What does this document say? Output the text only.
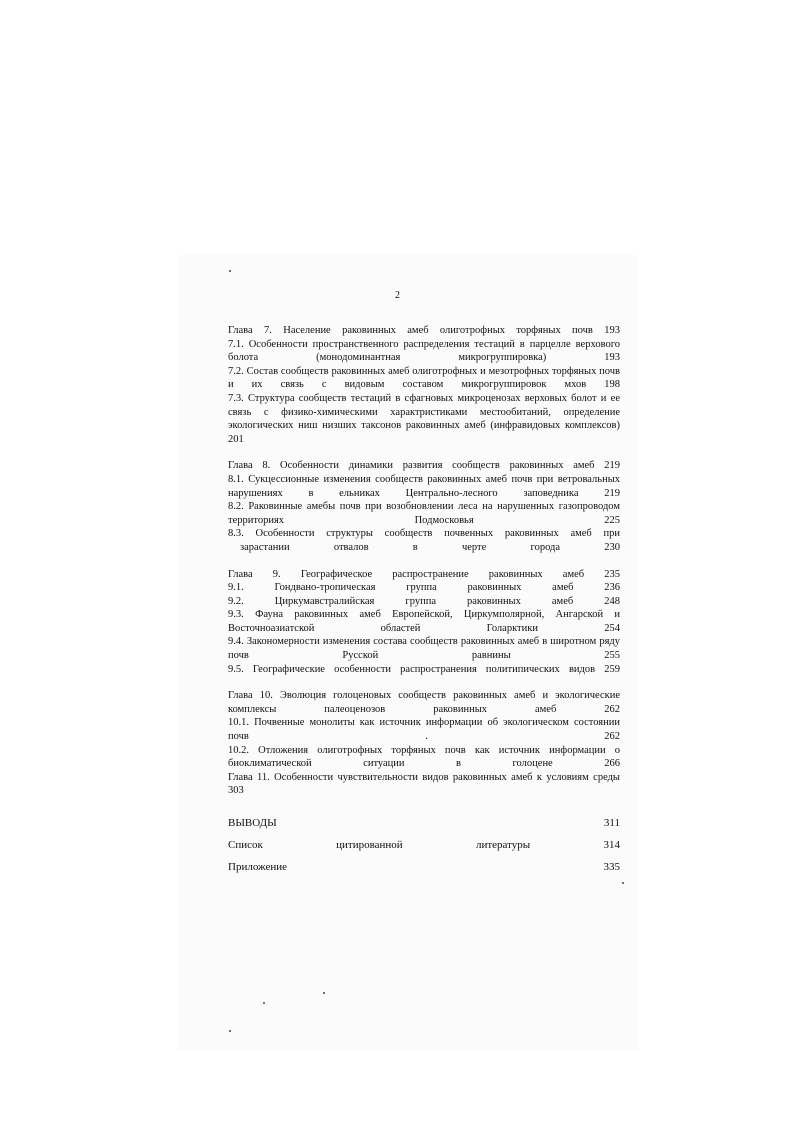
2
Глава 7. Население раковинных амеб олиготрофных торфяных почв 193
7.1. Особенности пространственного распределения тестаций в парцелле верхового болота (монодоминантная микрогруппировка) 193
7.2. Состав сообществ раковинных амеб олиготрофных и мезотрофных торфяных почв и их связь с видовым составом микрогруппировок мхов 198
7.3. Структура сообществ тестаций в сфагновых микроценозах верховых болот и ее связь с физико-химическими характристиками местообитаний, определение экологических ниш низших таксонов раковинных амеб (инфравидовых комплексов) 201
Глава 8. Особенности динамики развития сообществ раковинных амеб 219
8.1. Сукцессионные изменения сообществ раковинных амеб почв при ветровальных нарушениях в ельниках Центрально-лесного заповедника 219
8.2. Раковинные амебы почв при возобновлении леса на нарушенных газопроводом территориях Подмосковья 225
8.3. Особенности структуры сообществ почвенных раковинных амеб при
зарастании отвалов в черте города 230
Глава 9. Географическое распространение раковинных амеб 235
9.1. Гондвано-тропическая группа раковинных амеб 236
9.2. Циркумавстралийская группа раковинных амеб 248
9.3. Фауна раковинных амеб Европейской, Циркумполярной, Ангарской и Восточноазиатской областей Голарктики 254
9.4. Закономерности изменения состава сообществ раковинных амеб в широтном ряду почв Русской равнины 255
9.5. Географические особенности распространения политипических видов 259
Глава 10. Эволюция голоценовых сообществ раковинных амеб и экологические комплексы палеоценозов раковинных амеб 262
10.1. Почвенные монолиты как источник информации об экологическом состоянии почв . 262
10.2. Отложения олиготрофных торфяных почв как источник информации о биоклиматической ситуации в голоцене 266
Глава 11. Особенности чувствительности видов раковинных амеб к условиям среды 303
ВЫВОДЫ 311
Список цитированной литературы 314
Приложение 335
